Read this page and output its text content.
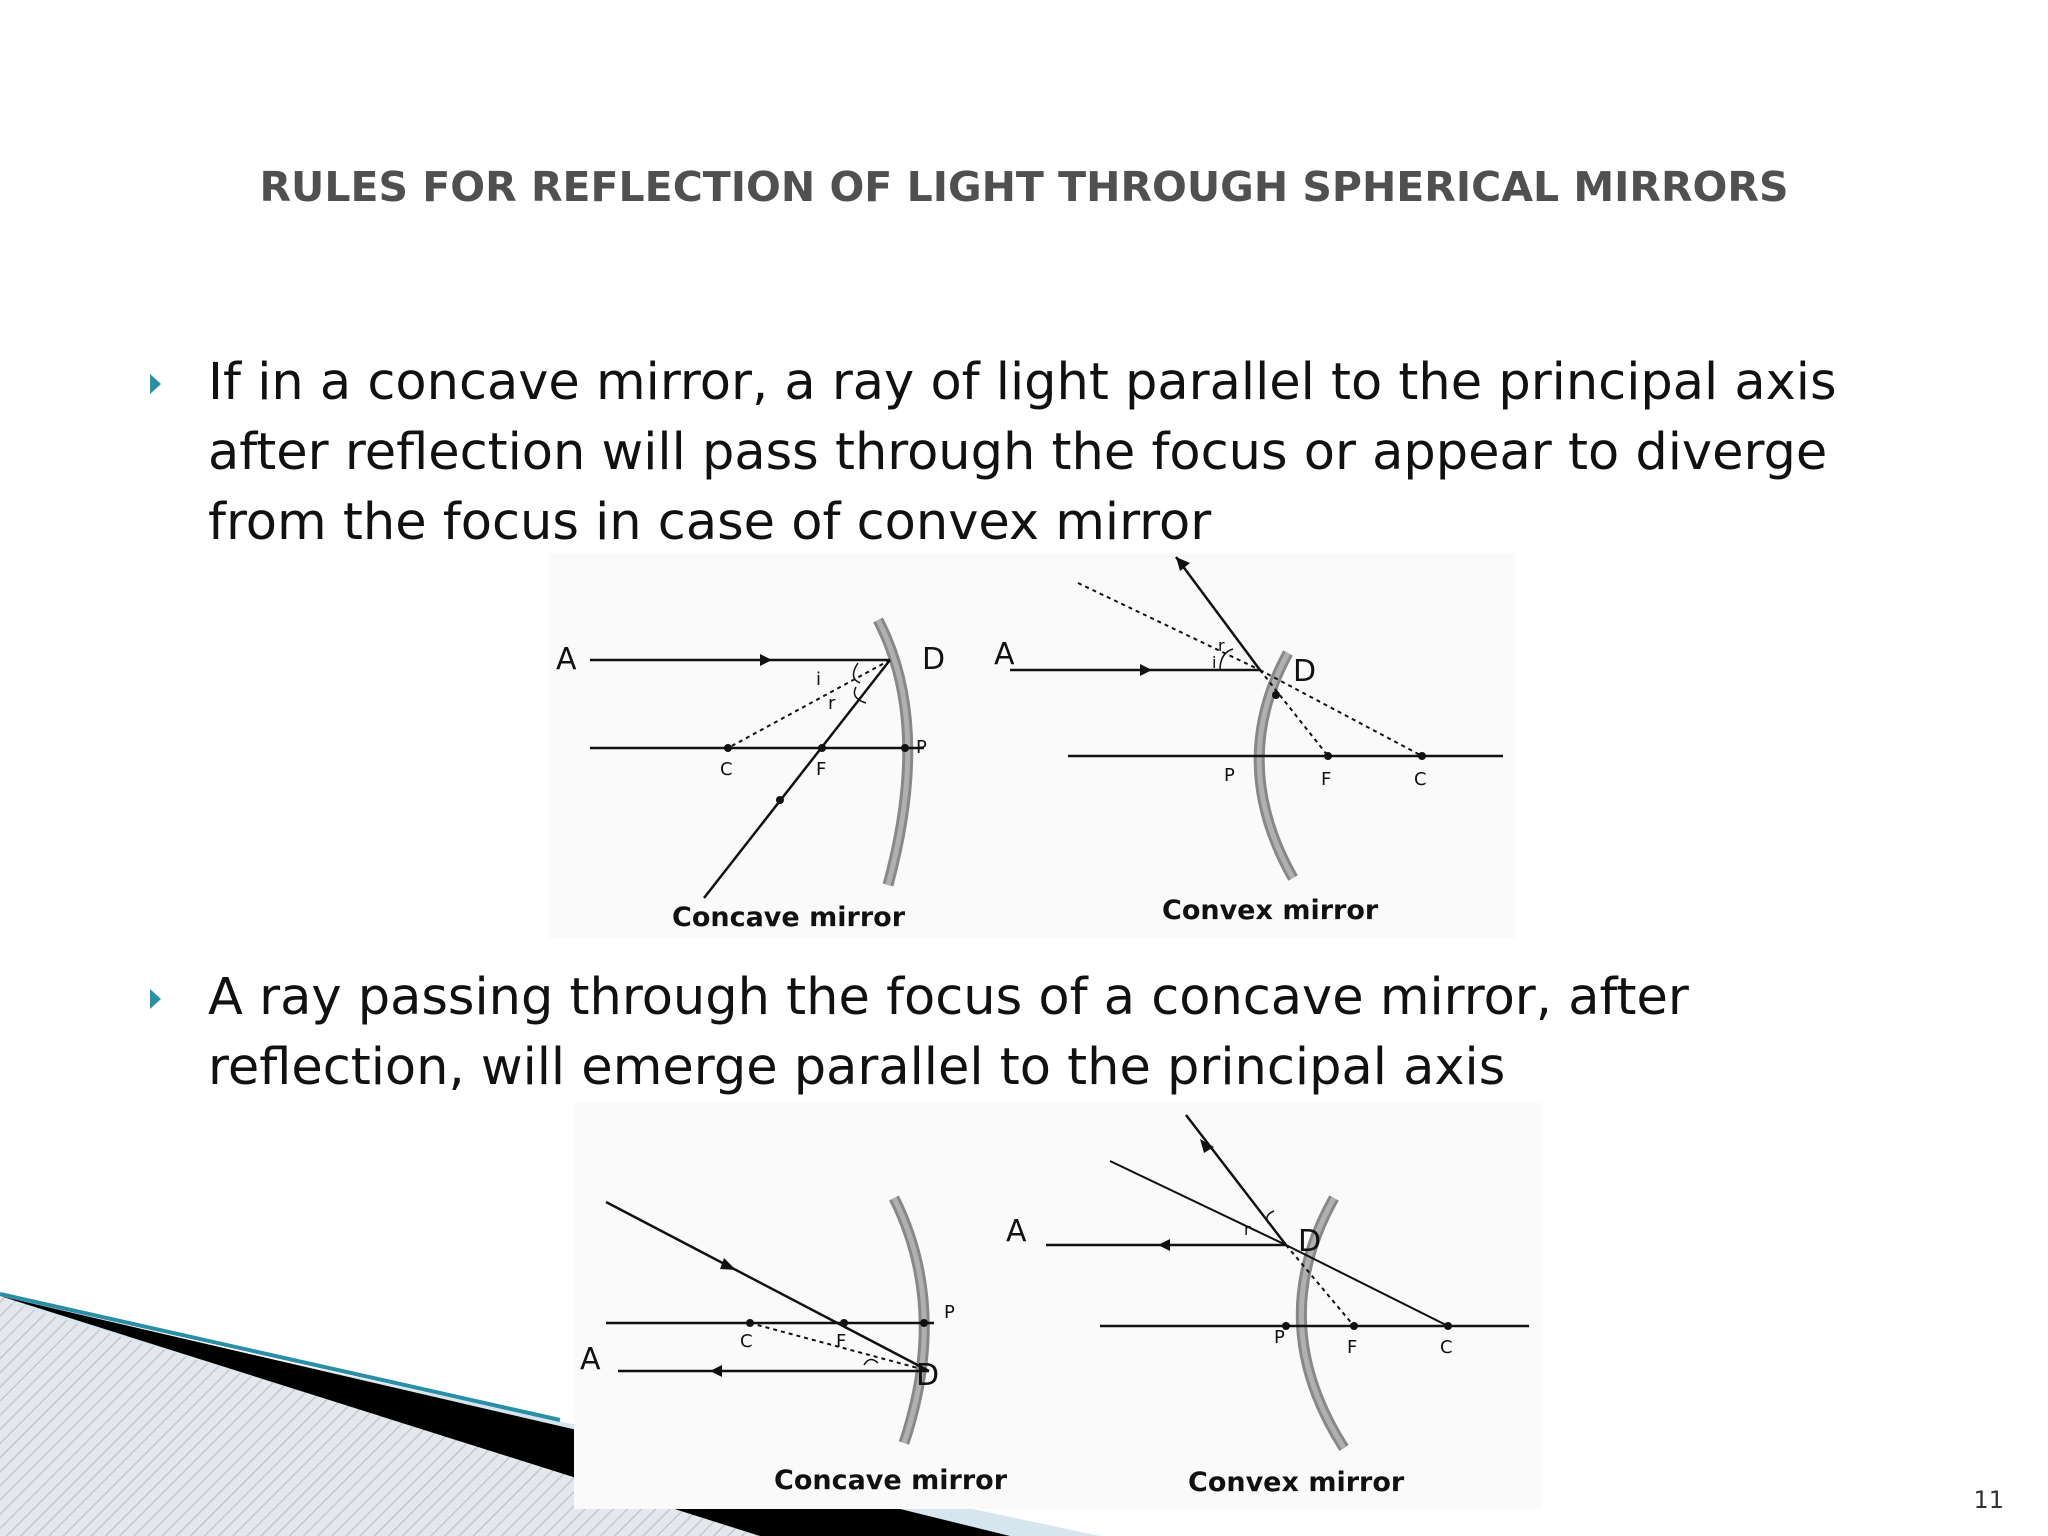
RULES FOR REFLECTION OF LIGHT THROUGH SPHERICAL MIRRORS
If in a concave mirror, a ray of light parallel to the principal axis after reflection will pass through the focus or appear to diverge from the focus in case of convex mirror
A	D
i
r
C	F
P
Concave mirror
A	D
i
r
P	F	C
Convex mirror
A ray passing through the focus of a concave mirror, after reflection, will emerge parallel to the principal axis
A
P
C	F
D
Concave mirror
A	D
r
P	F	C
Convex mirror
11
